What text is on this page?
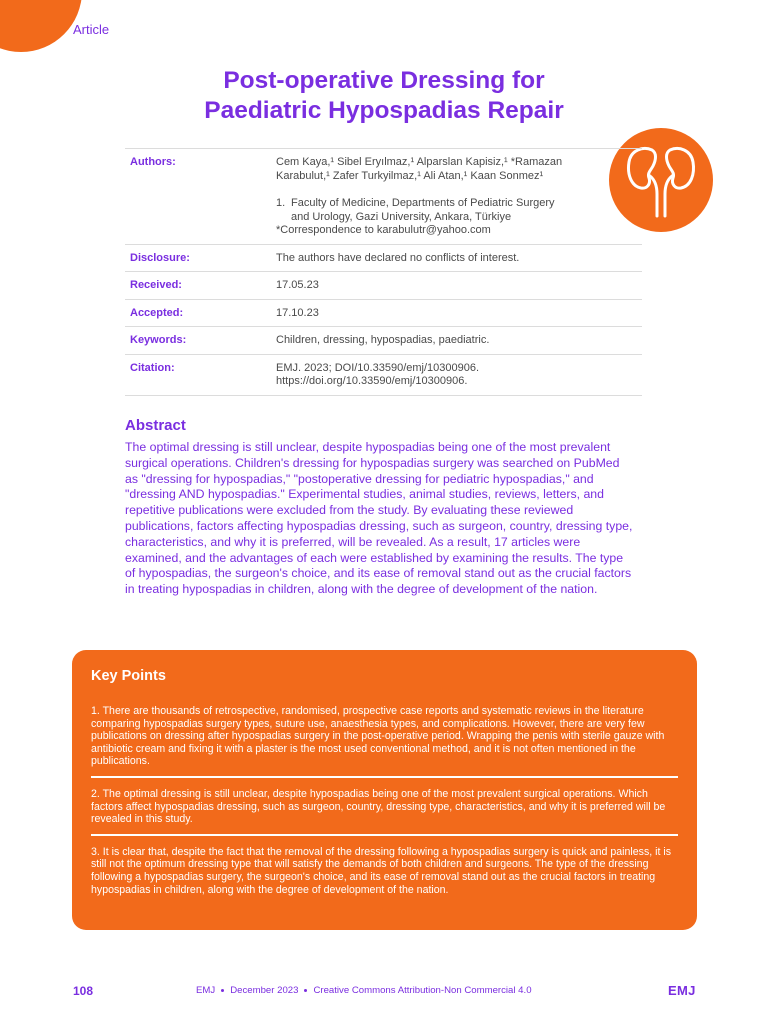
Article
Post-operative Dressing for
Paediatric Hypospadias Repair
Authors:	Cem Kaya,¹ Sibel Eryılmaz,¹ Alparslan Kapisiz,¹ *Ramazan
Karabulut,¹ Zafer Turkyilmaz,¹ Ali Atan,¹ Kaan Sonmez¹
1. Faculty of Medicine, Departments of Pediatric Surgery
and Urology, Gazi University, Ankara, Türkiye
*Correspondence to karabulutr@yahoo.com
Disclosure:	The authors have declared no conflicts of interest.
Received:	17.05.23
Accepted:	17.10.23
Keywords:	Children, dressing, hypospadias, paediatric.
Citation:	EMJ. 2023; DOI/10.33590/emj/10300906.
https://doi.org/10.33590/emj/10300906.
Abstract

The optimal dressing is still unclear, despite hypospadias being one of the most prevalent surgical operations. Children's dressing for hypospadias surgery was searched on PubMed as "dressing for hypospadias," "postoperative dressing for pediatric hypospadias," and "dressing AND hypospadias." Experimental studies, animal studies, reviews, letters, and repetitive publications were excluded from the study. By evaluating these reviewed publications, factors affecting hypospadias dressing, such as surgeon, country, dressing type, characteristics, and why it is preferred, will be revealed. As a result, 17 articles were examined, and the advantages of each were established by examining the results. The type of hypospadias, the surgeon's choice, and its ease of removal stand out as the crucial factors in treating hypospadias in children, along with the degree of development of the nation.

Key Points
1. There are thousands of retrospective, randomised, prospective case reports and systematic reviews in the literature comparing hypospadias surgery types, suture use, anaesthesia types, and complications. However, there are very few publications on dressing after hypospadias surgery in the post-operative period. Wrapping the penis with sterile gauze with antibiotic cream and fixing it with a plaster is the most used conventional method, and it is not often mentioned in the publications.
2. The optimal dressing is still unclear, despite hypospadias being one of the most prevalent surgical operations. Which factors affect hypospadias dressing, such as surgeon, country, dressing type, characteristics, and why it is preferred will be revealed in this study.
3. It is clear that, despite the fact that the removal of the dressing following a hypospadias surgery is quick and painless, it is still not the optimum dressing type that will satisfy the demands of both children and surgeons. The type of the dressing following a hypospadias surgery, the surgeon's choice, and its ease of removal stand out as the crucial factors in treating hypospadias in children, along with the degree of development of the nation.
108	EMJ December 2023 Creative Commons Attribution-Non Commercial 4.0	EMJ
